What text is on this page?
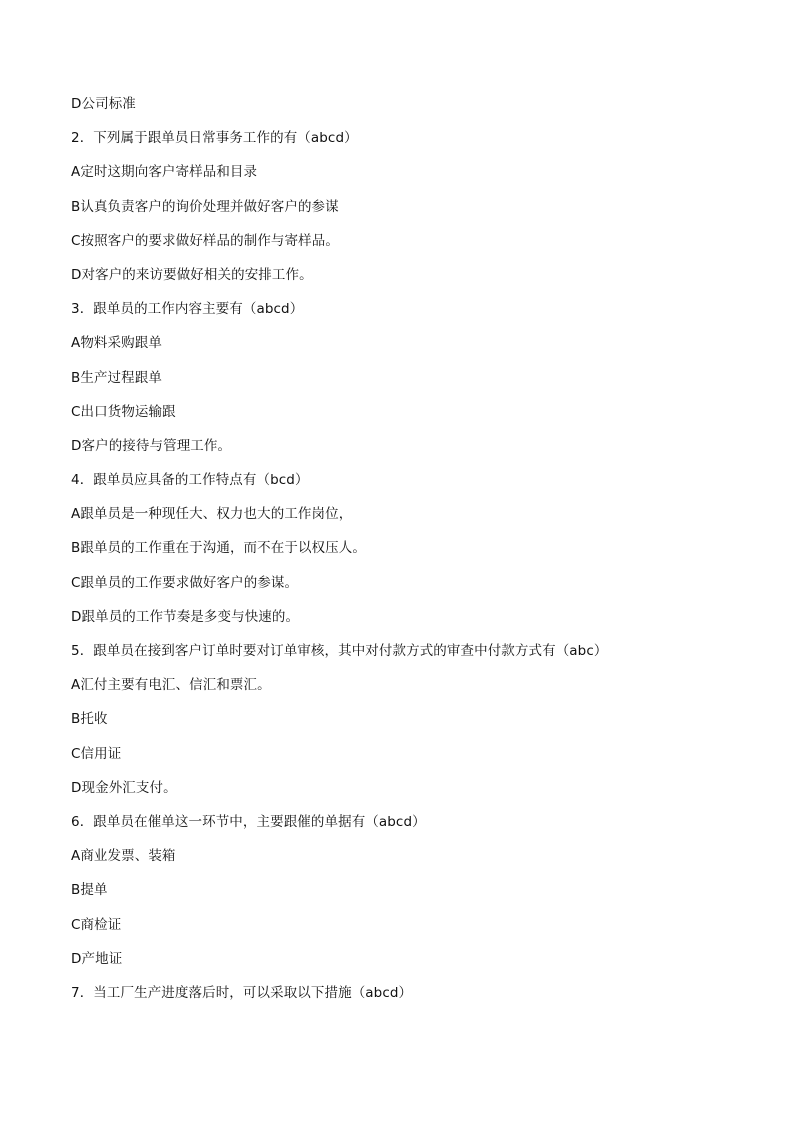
D公司标准
2．下列属于跟单员日常事务工作的有（abcd）
A定时这期向客户寄样品和目录
B认真负责客户的询价处理并做好客户的参谋
C按照客户的要求做好样品的制作与寄样品。
D对客户的来访要做好相关的安排工作。
3．跟单员的工作内容主要有（abcd）
A物料采购跟单
B生产过程跟单
C出口货物运输跟
D客户的接待与管理工作。
4．跟单员应具备的工作特点有（bcd）
A跟单员是一种现任大、权力也大的工作岗位，
B跟单员的工作重在于沟通，而不在于以权压人。
C跟单员的工作要求做好客户的参谋。
D跟单员的工作节奏是多变与快速的。
5．跟单员在接到客户订单时要对订单审核，其中对付款方式的审查中付款方式有（abc）
A汇付主要有电汇、信汇和票汇。
B托收
C信用证
D现金外汇支付。
6．跟单员在催单这一环节中，主要跟催的单据有（abcd）
A商业发票、装箱
B提单
C商检证
D产地证
7．当工厂生产进度落后时，可以采取以下措施（abcd）
